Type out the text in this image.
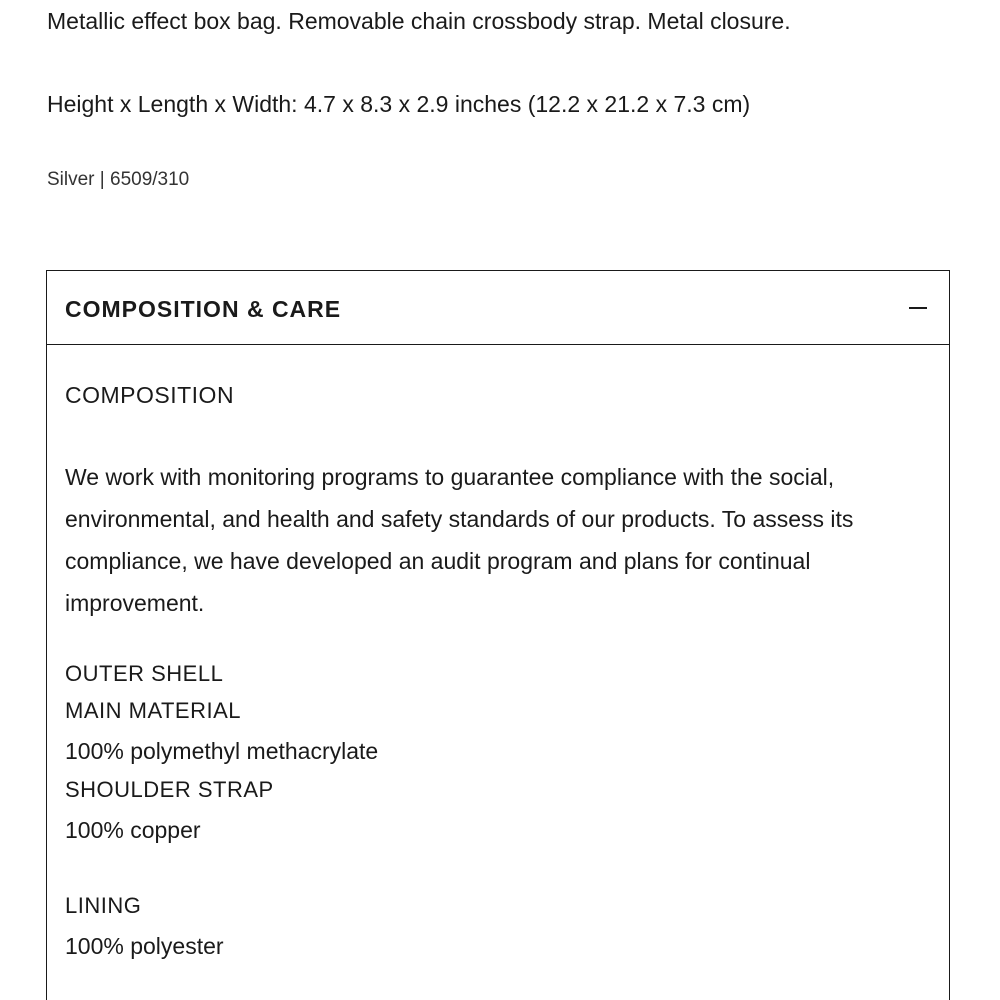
Metallic effect box bag. Removable chain crossbody strap. Metal closure.
Height x Length x Width: 4.7 x 8.3 x 2.9 inches (12.2 x 21.2 x 7.3 cm)
Silver | 6509/310
COMPOSITION & CARE
COMPOSITION
We work with monitoring programs to guarantee compliance with the social, environmental, and health and safety standards of our products. To assess its compliance, we have developed an audit program and plans for continual improvement.
OUTER SHELL
MAIN MATERIAL
100% polymethyl methacrylate
SHOULDER STRAP
100% copper
LINING
100% polyester
